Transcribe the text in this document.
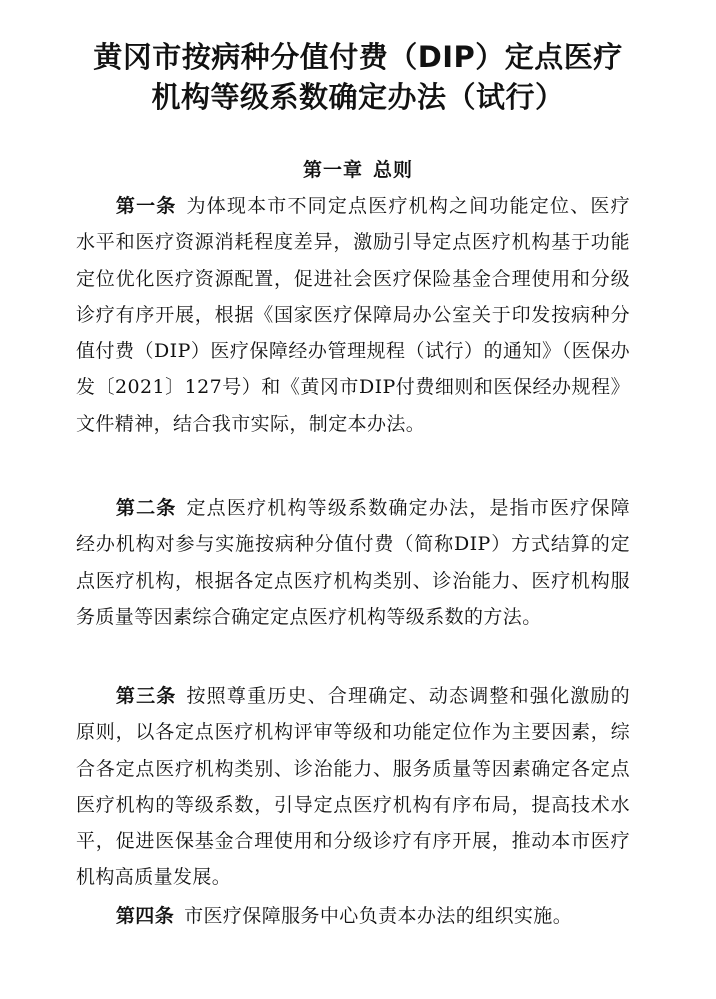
黄冈市按病种分值付费（DIP）定点医疗
机构等级系数确定办法（试行）
第一章 总则

第一条 为体现本市不同定点医疗机构之间功能定位、医疗水平和医疗资源消耗程度差异，激励引导定点医疗机构基于功能定位优化医疗资源配置，促进社会医疗保险基金合理使用和分级诊疗有序开展，根据《国家医疗保障局办公室关于印发按病种分值付费（DIP）医疗保障经办管理规程（试行）的通知》（医保办发〔2021〕127号）和《黄冈市DIP付费细则和医保经办规程》文件精神，结合我市实际，制定本办法。

第二条 定点医疗机构等级系数确定办法，是指市医疗保障经办机构对参与实施按病种分值付费（简称DIP）方式结算的定点医疗机构，根据各定点医疗机构类别、诊治能力、医疗机构服务质量等因素综合确定定点医疗机构等级系数的方法。

第三条 按照尊重历史、合理确定、动态调整和强化激励的原则，以各定点医疗机构评审等级和功能定位作为主要因素，综合各定点医疗机构类别、诊治能力、服务质量等因素确定各定点医疗机构的等级系数，引导定点医疗机构有序布局，提高技术水平，促进医保基金合理使用和分级诊疗有序开展，推动本市医疗机构高质量发展。

第四条 市医疗保障服务中心负责本办法的组织实施。
